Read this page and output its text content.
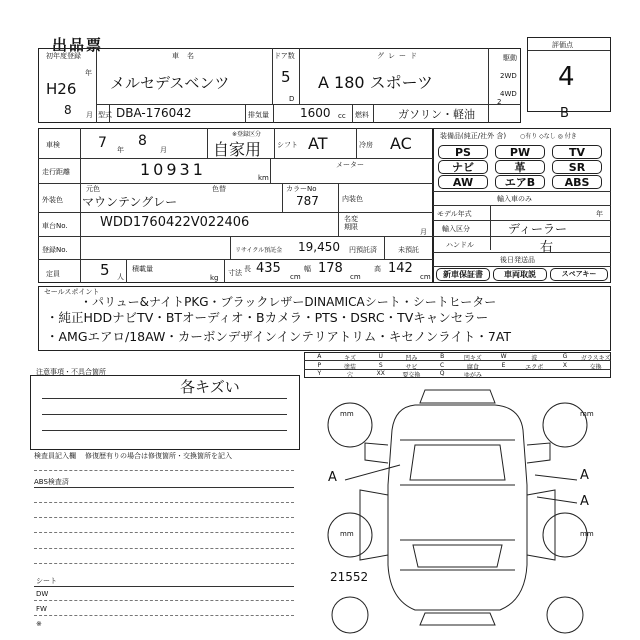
出品票	評価点
4
初年度登録
H26
年
8 月
車名
メルセデスベンツ
ドア数
5
D
グレード
A 180 スポーツ
駆動
2WD
4WD
型式 DBA-176042	排気量	1600 cc 燃料	ガソリン・軽油
2
B
車検	7 年
8
月
※登録区分
自家用 シフト AT	冷房 AC
走行距離	10931	km
メーター
外装色
元色	色替
マウンテングレー
カラーNo
787	内装色
車台No. WDD1760422V022406	名変期限
月
登録No.	リサイクル預託金 19,450 円預託済	未預託
定員	5 人
積載量
kg
寸法 長 435
cm
幅 178
cm
高 142
cm
装備品(純正/社外 含) ○有り ◇なし ◎ 付き
PS	PW	TV
ナビ	革	SR
AW	エアB	ABS
輸入車のみ
モデル年式	年
輸入区分	ディーラー
ハンドル	右
後日発送品
新車保証書	車両取説	スペアキー
セールスポイント
・パリュー&ナイトPKG・ブラックレザーDINAMICAシート・シートヒーター
・純正HDDナビTV・BTオーディオ・Bカメラ・PTS・DSRC・TVキャンセラー
・AMGエアロ/18AW・カーボンデザインインテリアトリム・キセノンライト・7AT
A	キズ	U	凹み	B	凹キズ	W	波	G	ガラスキズ
P	塗装	S	サビ	C	腐食	E	エクボ	X	交換
Y	穴	XX	要交換	Q	ゆがみ
注意事項・不具合箇所
各キズい
検査員記入欄 修復歴有りの場合は修復箇所・交換箇所を記入
ABS検査済
シート
DW
FW
※
A	A
A
mm	mm
mm	mm
21552
